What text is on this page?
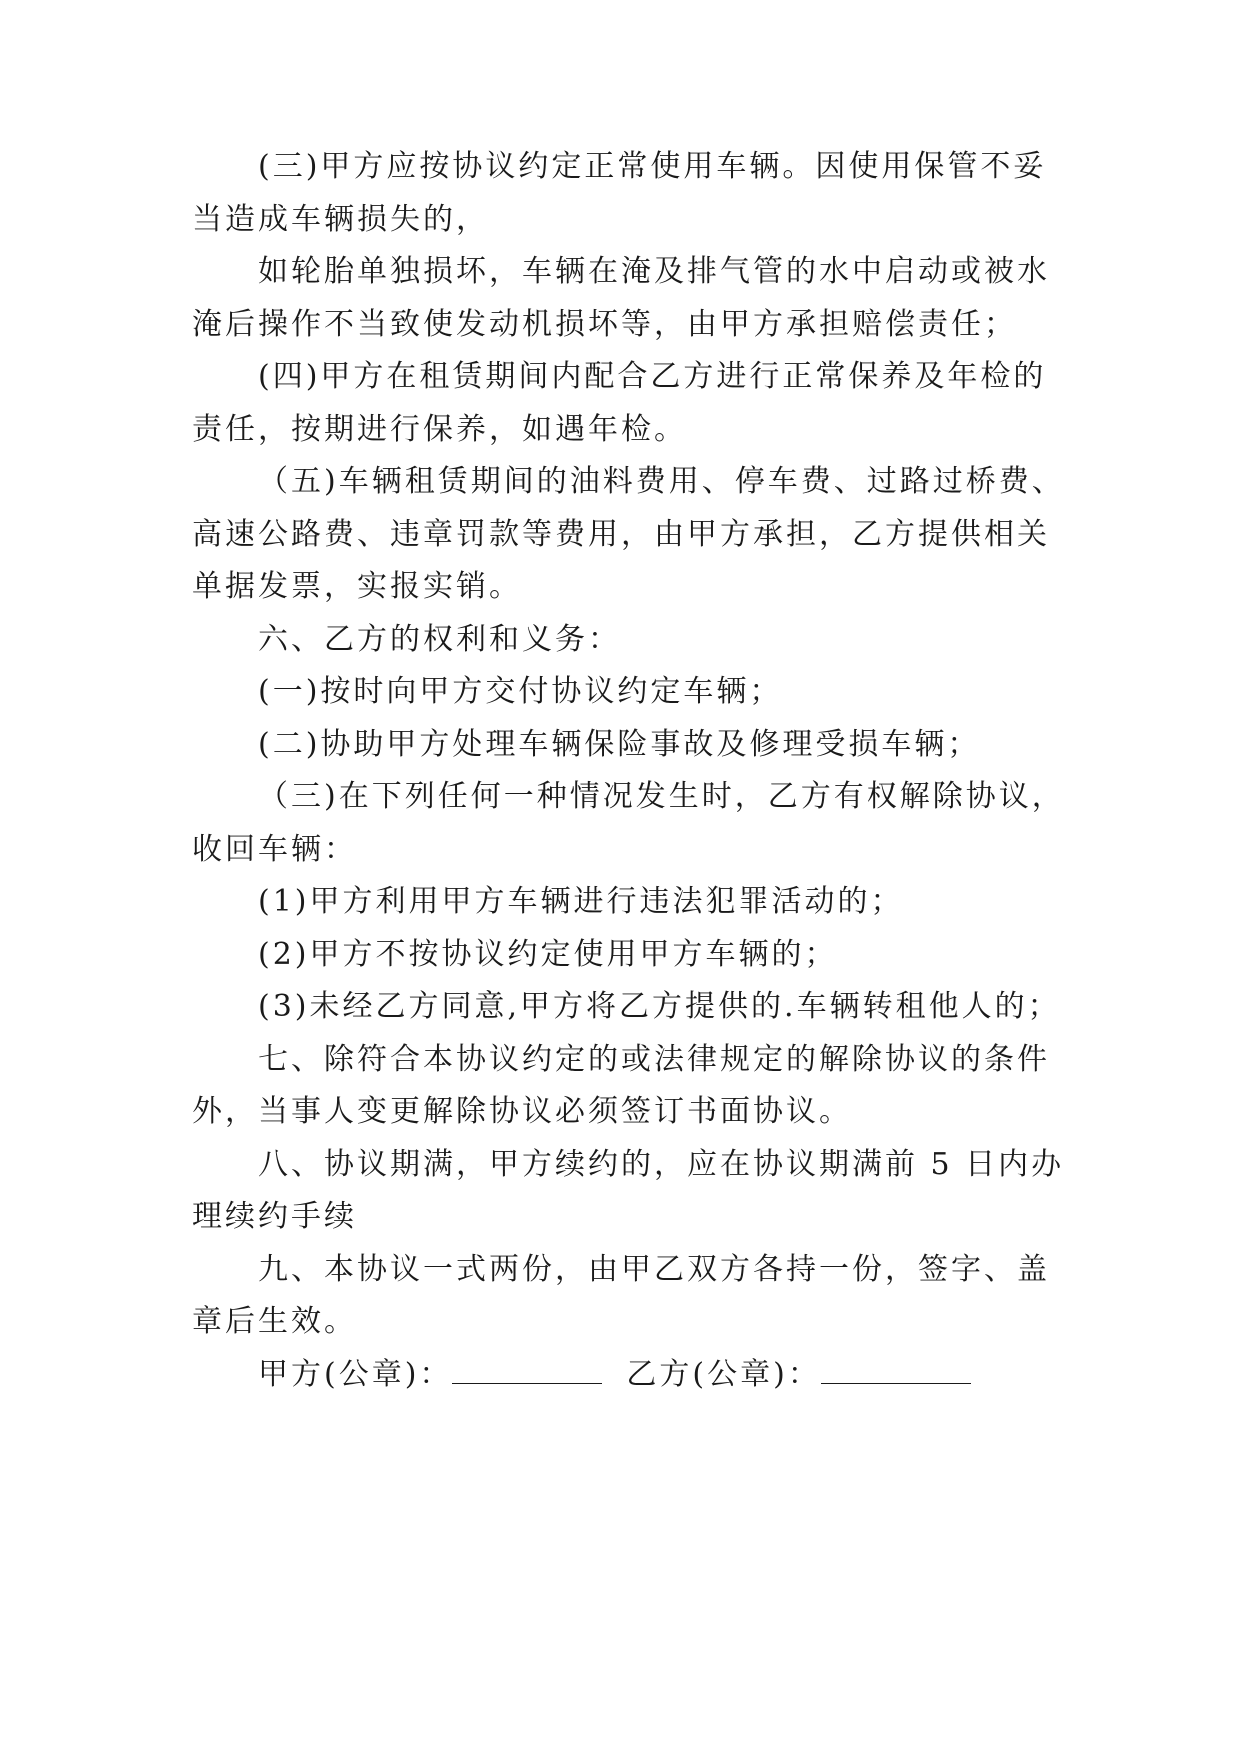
(三)甲方应按协议约定正常使用车辆。因使用保管不妥
当造成车辆损失的，
如轮胎单独损坏，车辆在淹及排气管的水中启动或被水
淹后操作不当致使发动机损坏等，由甲方承担赔偿责任；
(四)甲方在租赁期间内配合乙方进行正常保养及年检的
责任，按期进行保养，如遇年检。
（五)车辆租赁期间的油料费用、停车费、过路过桥费、
高速公路费、违章罚款等费用，由甲方承担，乙方提供相关
单据发票，实报实销。
六、乙方的权利和义务：
(一)按时向甲方交付协议约定车辆；
(二)协助甲方处理车辆保险事故及修理受损车辆；
（三)在下列任何一种情况发生时，乙方有权解除协议，
收回车辆：
(1)甲方利用甲方车辆进行违法犯罪活动的；
(2)甲方不按协议约定使用甲方车辆的；
(3)未经乙方同意,甲方将乙方提供的.车辆转租他人的；
七、除符合本协议约定的或法律规定的解除协议的条件
外，当事人变更解除协议必须签订书面协议。
八、协议期满，甲方续约的，应在协议期满前 5 日内办
理续约手续
九、本协议一式两份，由甲乙双方各持一份，签字、盖
章后生效。
甲方(公章)：	乙方(公章)：
